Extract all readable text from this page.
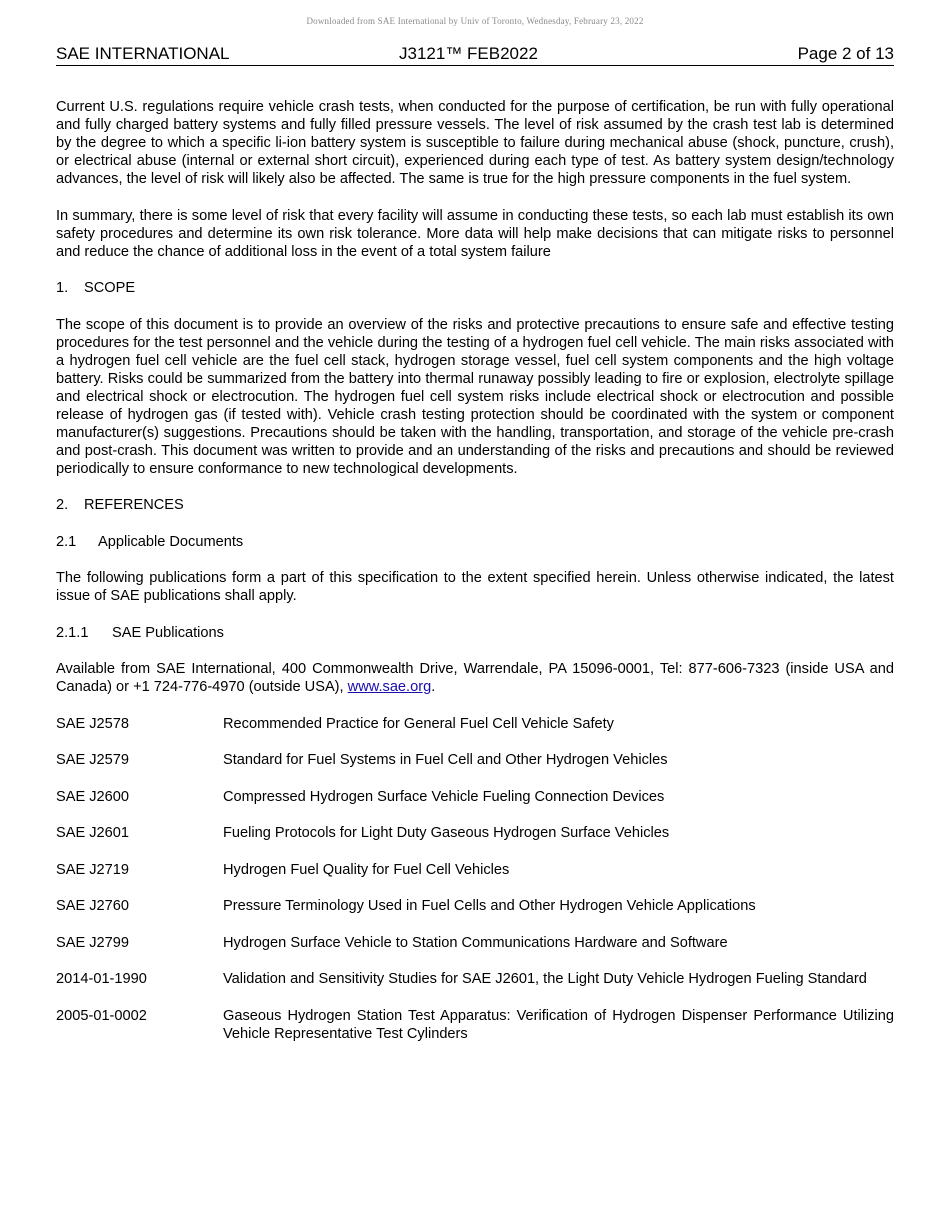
Downloaded from SAE International by Univ of Toronto, Wednesday, February 23, 2022
SAE INTERNATIONAL	J3121™ FEB2022	Page 2 of 13

Current U.S. regulations require vehicle crash tests, when conducted for the purpose of certification, be run with fully operational and fully charged battery systems and fully filled pressure vessels. The level of risk assumed by the crash test lab is determined by the degree to which a specific li-ion battery system is susceptible to failure during mechanical abuse (shock, puncture, crush), or electrical abuse (internal or external short circuit), experienced during each type of test. As battery system design/technology advances, the level of risk will likely also be affected. The same is true for the high pressure components in the fuel system.

In summary, there is some level of risk that every facility will assume in conducting these tests, so each lab must establish its own safety procedures and determine its own risk tolerance. More data will help make decisions that can mitigate risks to personnel and reduce the chance of additional loss in the event of a total system failure

1. SCOPE

The scope of this document is to provide an overview of the risks and protective precautions to ensure safe and effective testing procedures for the test personnel and the vehicle during the testing of a hydrogen fuel cell vehicle. The main risks associated with a hydrogen fuel cell vehicle are the fuel cell stack, hydrogen storage vessel, fuel cell system components and the high voltage battery. Risks could be summarized from the battery into thermal runaway possibly leading to fire or explosion, electrolyte spillage and electrical shock or electrocution. The hydrogen fuel cell system risks include electrical shock or electrocution and possible release of hydrogen gas (if tested with). Vehicle crash testing protection should be coordinated with the system or component manufacturer(s) suggestions. Precautions should be taken with the handling, transportation, and storage of the vehicle pre-crash and post-crash. This document was written to provide and an understanding of the risks and precautions and should be reviewed periodically to ensure conformance to new technological developments.

2. REFERENCES
2.1 Applicable Documents

The following publications form a part of this specification to the extent specified herein. Unless otherwise indicated, the latest issue of SAE publications shall apply.

2.1.1 SAE Publications

Available from SAE International, 400 Commonwealth Drive, Warrendale, PA 15096-0001, Tel: 877-606-7323 (inside USA and Canada) or +1 724-776-4970 (outside USA), www.sae.org.

SAE J2578	Recommended Practice for General Fuel Cell Vehicle Safety
SAE J2579	Standard for Fuel Systems in Fuel Cell and Other Hydrogen Vehicles
SAE J2600	Compressed Hydrogen Surface Vehicle Fueling Connection Devices
SAE J2601	Fueling Protocols for Light Duty Gaseous Hydrogen Surface Vehicles
SAE J2719	Hydrogen Fuel Quality for Fuel Cell Vehicles
SAE J2760	Pressure Terminology Used in Fuel Cells and Other Hydrogen Vehicle Applications
SAE J2799	Hydrogen Surface Vehicle to Station Communications Hardware and Software
2014-01-1990	Validation and Sensitivity Studies for SAE J2601, the Light Duty Vehicle Hydrogen Fueling Standard
2005-01-0002	Gaseous Hydrogen Station Test Apparatus: Verification of Hydrogen Dispenser Performance Utilizing Vehicle Representative Test Cylinders
